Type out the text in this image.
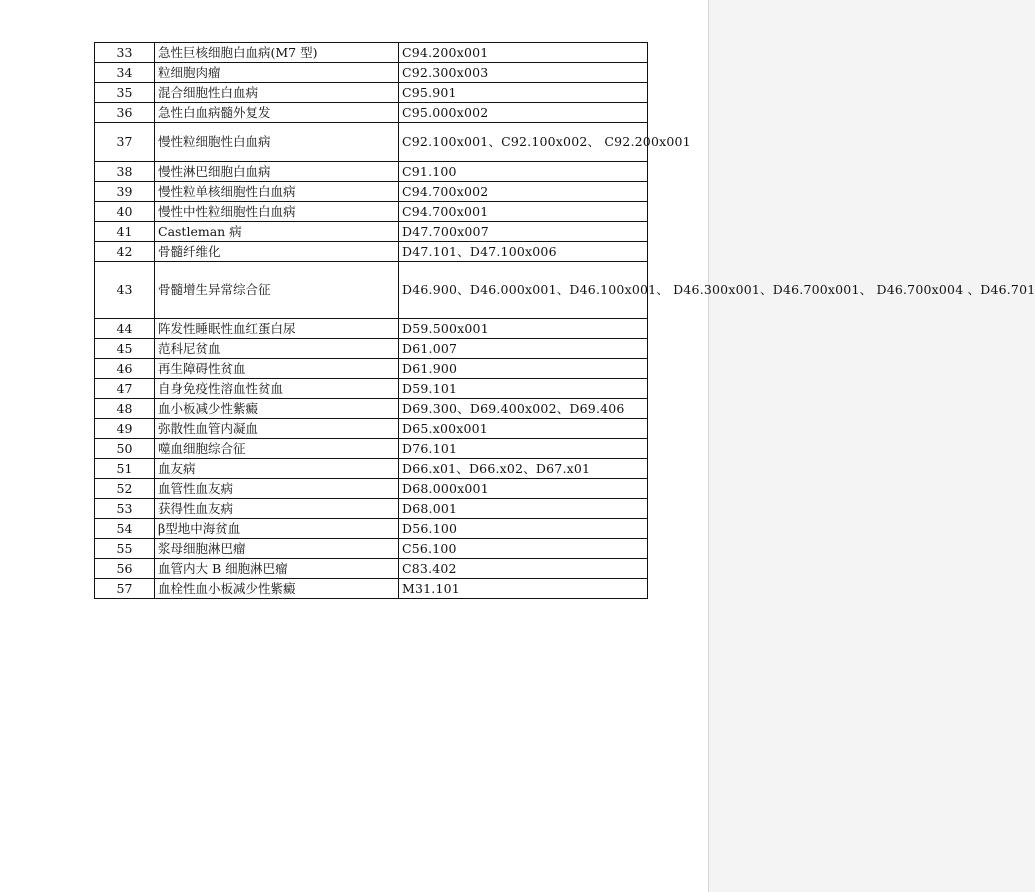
33	急性巨核细胞白血病(M7 型)	C94.200x001
34	粒细胞肉瘤	C92.300x003
35	混合细胞性白血病	C95.901
36	急性白血病髓外复发	C95.000x002
37	慢性粒细胞性白血病	C92.100x001、C92.100x002、 C92.200x001
38	慢性淋巴细胞白血病	C91.100
39	慢性粒单核细胞性白血病	C94.700x002
40	慢性中性粒细胞性白血病	C94.700x001
41	Castleman 病	D47.700x007
42	骨髓纤维化	D47.101、D47.100x006
43	骨髓增生异常综合征	D46.900、D46.000x001、D46.100x001、 D46.300x001、D46.700x001、 D46.700x004 、D46.701
44	阵发性睡眠性血红蛋白尿	D59.500x001
45	范科尼贫血	D61.007
46	再生障碍性贫血	D61.900
47	自身免疫性溶血性贫血	D59.101
48	血小板减少性紫癜	D69.300、D69.400x002、D69.406
49	弥散性血管内凝血	D65.x00x001
50	噬血细胞综合征	D76.101
51	血友病	D66.x01、D66.x02、D67.x01
52	血管性血友病	D68.000x001
53	获得性血友病	D68.001
54	β型地中海贫血	D56.100
55	浆母细胞淋巴瘤	C56.100
56	血管内大 B 细胞淋巴瘤	C83.402
57	血栓性血小板减少性紫癜	M31.101
